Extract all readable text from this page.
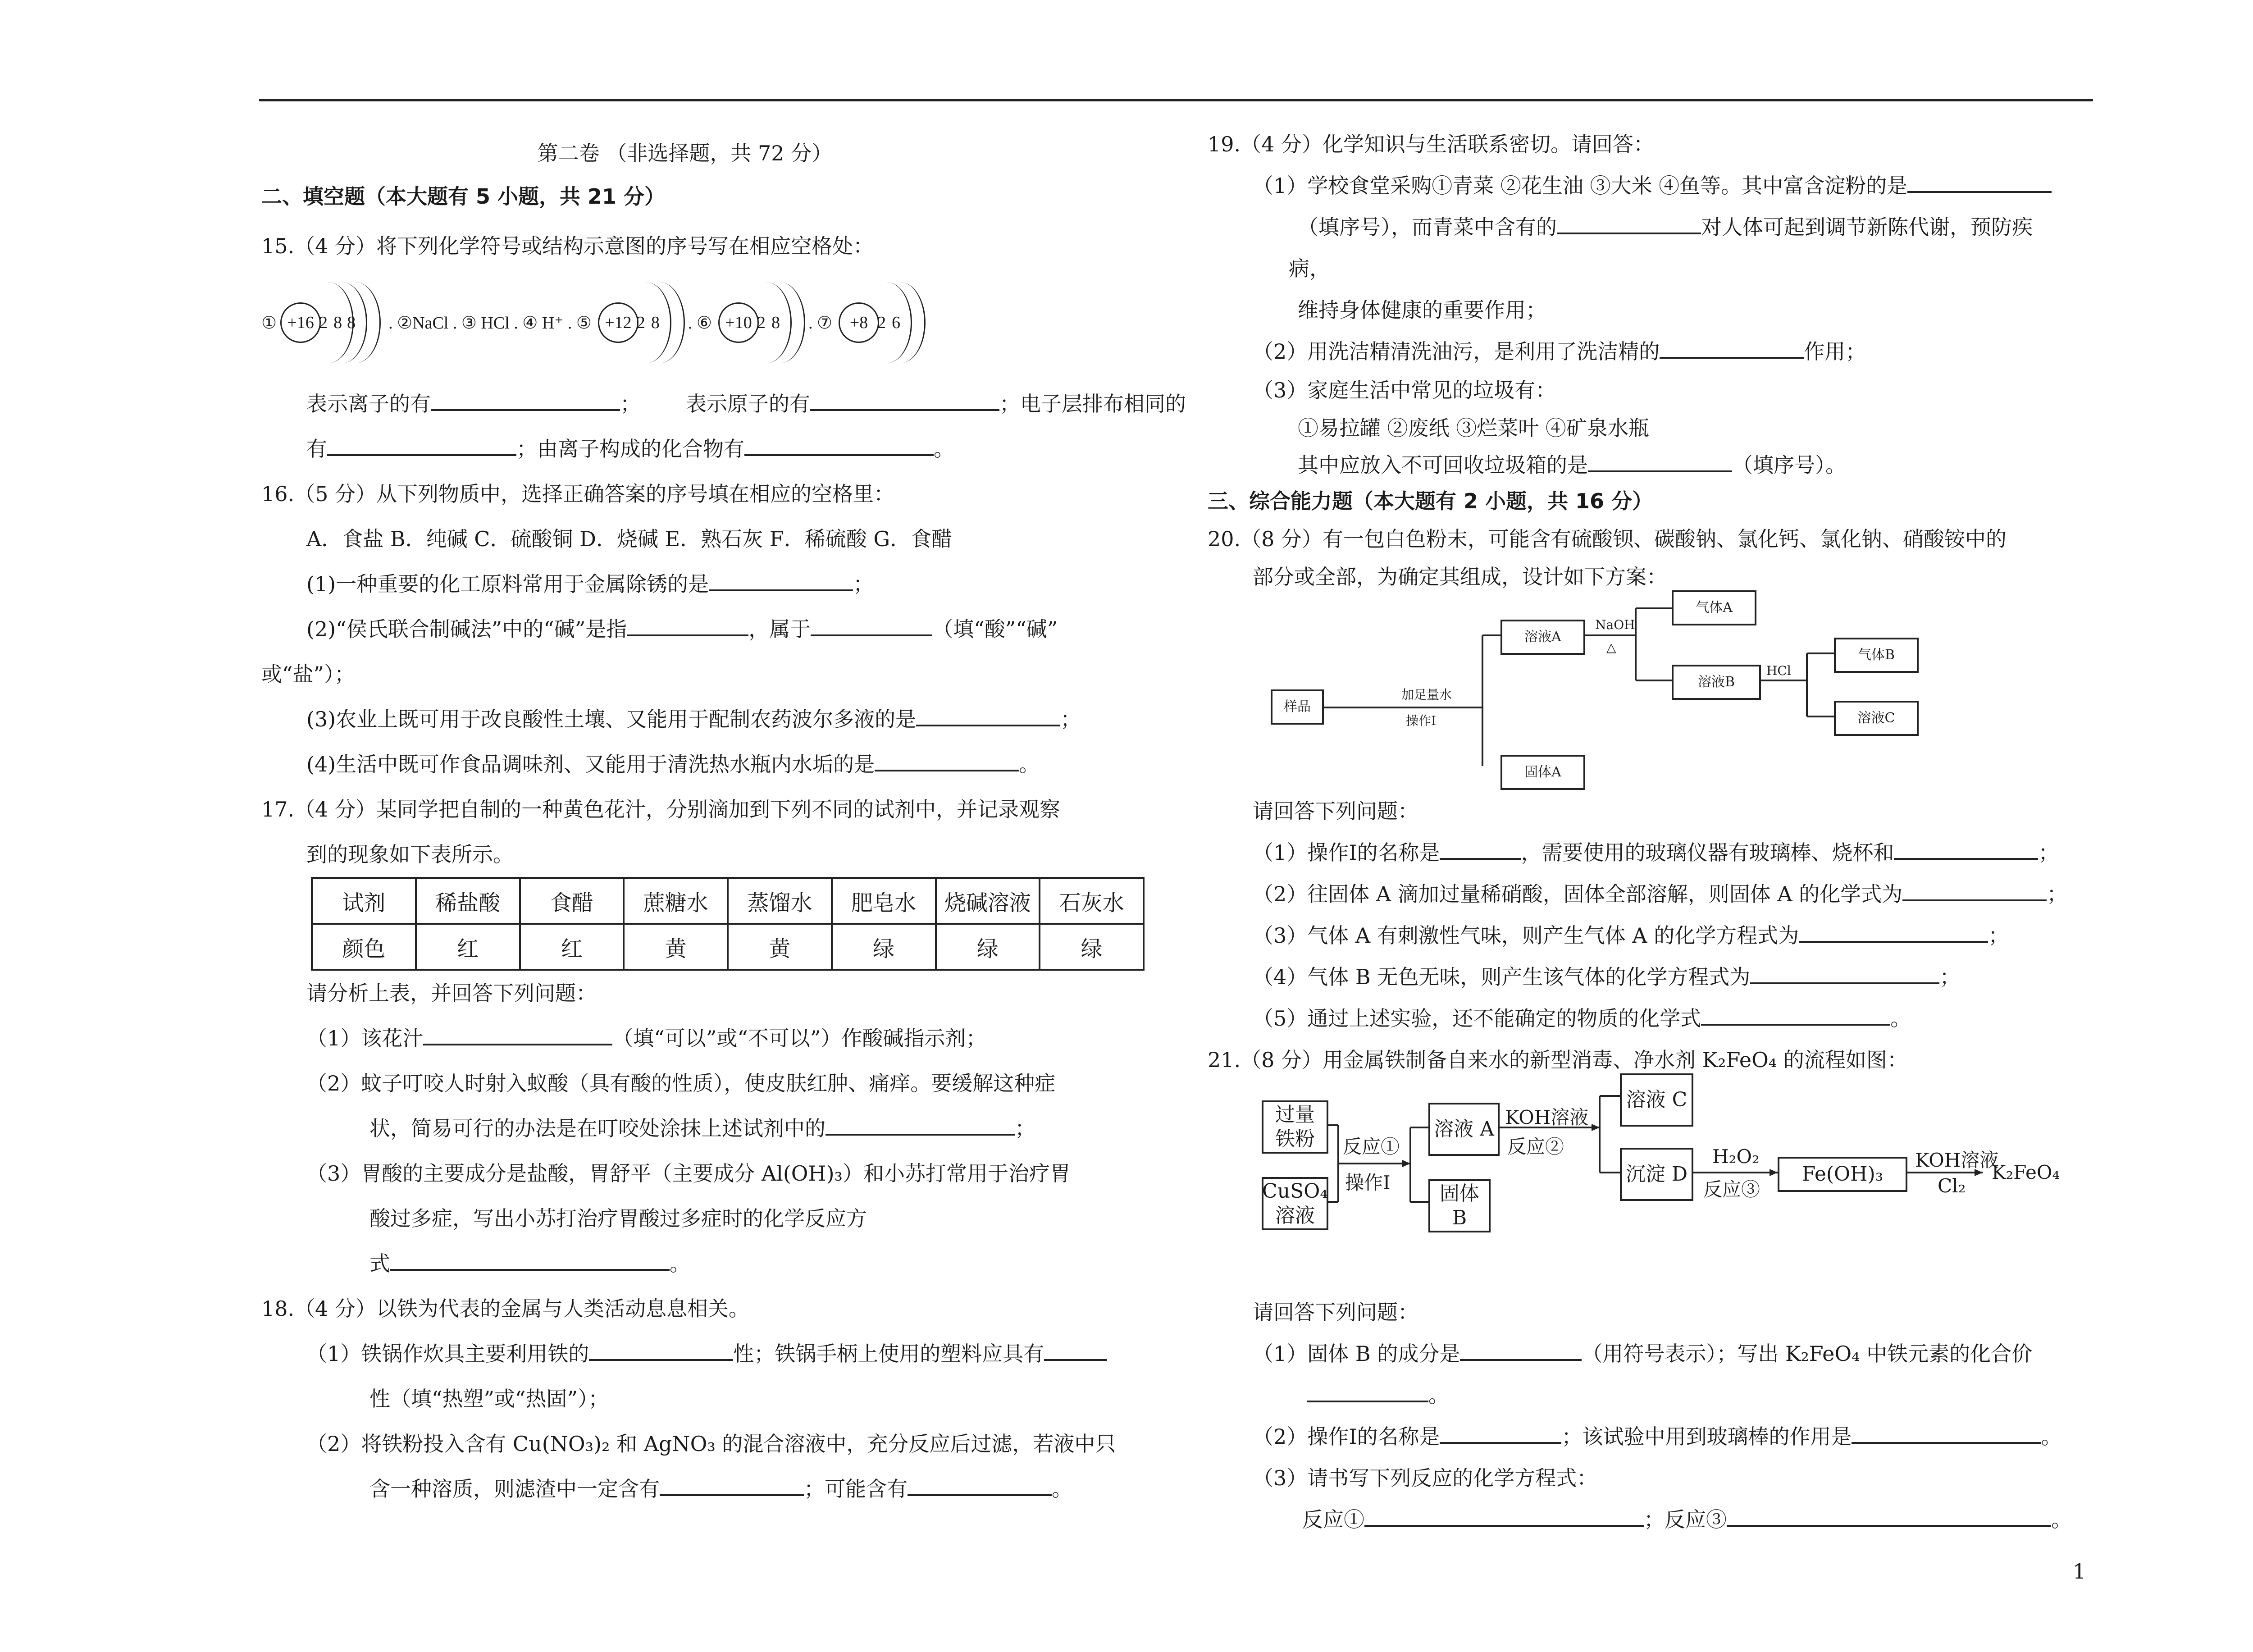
第二卷 （非选择题，共 72 分）

二、填空题（本大题有 5 小题，共 21 分）

15.（4 分）将下列化学符号或结构示意图的序号写在相应空格处：

① +16 2 8 8 . ②NaCl . ③ HCl . ④ H⁺ . ⑤ +12 2 8 . ⑥ +10 2 8 . ⑦	+8 2 6

表示离子的有	； 表示原子的有	；电子层排布相同的

有	；由离子构成的化合物有	。

16.（5 分）从下列物质中，选择正确答案的序号填在相应的空格里：

A．食盐 B．纯碱 C．硫酸铜 D．烧碱 E．熟石灰 F．稀硫酸 G．食醋

(1)一种重要的化工原料常用于金属除锈的是	；

(2)“侯氏联合制碱法”中的“碱”是指	，属于	（填“酸”“碱”

或“盐”）；

(3)农业上既可用于改良酸性土壤、又能用于配制农药波尔多液的是	；

(4)生活中既可作食品调味剂、又能用于清洗热水瓶内水垢的是	。

17.（4 分）某同学把自制的一种黄色花汁，分别滴加到下列不同的试剂中，并记录观察

到的现象如下表所示。

试剂	稀盐酸	食醋	蔗糖水	蒸馏水	肥皂水	烧碱溶液	石灰水
颜色	红	红	黄	黄	绿	绿	绿

请分析上表，并回答下列问题：

（1）该花汁	（填“可以”或“不可以”）作酸碱指示剂；

（2）蚊子叮咬人时射入蚁酸（具有酸的性质），使皮肤红肿、痛痒。要缓解这种症

状，简易可行的办法是在叮咬处涂抹上述试剂中的	；

（3）胃酸的主要成分是盐酸，胃舒平（主要成分 Al(OH)₃）和小苏打常用于治疗胃

酸过多症，写出小苏打治疗胃酸过多症时的化学反应方

式	。

18.（4 分）以铁为代表的金属与人类活动息息相关。

（1）铁锅作炊具主要利用铁的	性；铁锅手柄上使用的塑料应具有

性（填“热塑”或“热固”）；

（2）将铁粉投入含有 Cu(NO₃)₂ 和 AgNO₃ 的混合溶液中，充分反应后过滤，若液中只

含一种溶质，则滤渣中一定含有	；可能含有	。

19.（4 分）化学知识与生活联系密切。请回答：

（1）学校食堂采购①青菜 ②花生油 ③大米 ④鱼等。其中富含淀粉的是

（填序号），而青菜中含有的	对人体可起到调节新陈代谢，预防疾

病，

维持身体健康的重要作用；

（2）用洗洁精清洗油污，是利用了洗洁精的	作用；

（3）家庭生活中常见的垃圾有：

①易拉罐 ②废纸 ③烂菜叶 ④矿泉水瓶

其中应放入不可回收垃圾箱的是	（填序号）。

三、综合能力题（本大题有 2 小题，共 16 分）

20.（8 分）有一包白色粉末，可能含有硫酸钡、碳酸钠、氯化钙、氯化钠、硝酸铵中的

部分或全部，为确定其组成，设计如下方案：

样品
加足量水
操作Ⅰ
溶液A
NaOH
△
气体A
溶液B
HCl
气体B
溶液C
固体A

请回答下列问题：

（1）操作Ⅰ的名称是	，需要使用的玻璃仪器有玻璃棒、烧杯和	；

（2）往固体 A 滴加过量稀硝酸，固体全部溶解，则固体 A 的化学式为	；

（3）气体 A 有刺激性气味，则产生气体 A 的化学方程式为	；

（4）气体 B 无色无味，则产生该气体的化学方程式为	；

（5）通过上述实验，还不能确定的物质的化学式	。

21.（8 分）用金属铁制备自来水的新型消毒、净水剂 K₂FeO₄ 的流程如图：

过量 铁粉
CuSO₄ 溶液
反应①
操作Ⅰ
溶液 A
KOH溶液
反应②
固体 B
溶液 C
沉淀 D
H₂O₂
反应③
Fe(OH)₃
KOH溶液
Cl₂
K₂FeO₄

请回答下列问题：

（1）固体 B 的成分是	（用符号表示）；写出 K₂FeO₄ 中铁元素的化合价

。

（2）操作Ⅰ的名称是	；该试验中用到玻璃棒的作用是	。

（3）请书写下列反应的化学方程式：

反应①	；反应③	。

1
